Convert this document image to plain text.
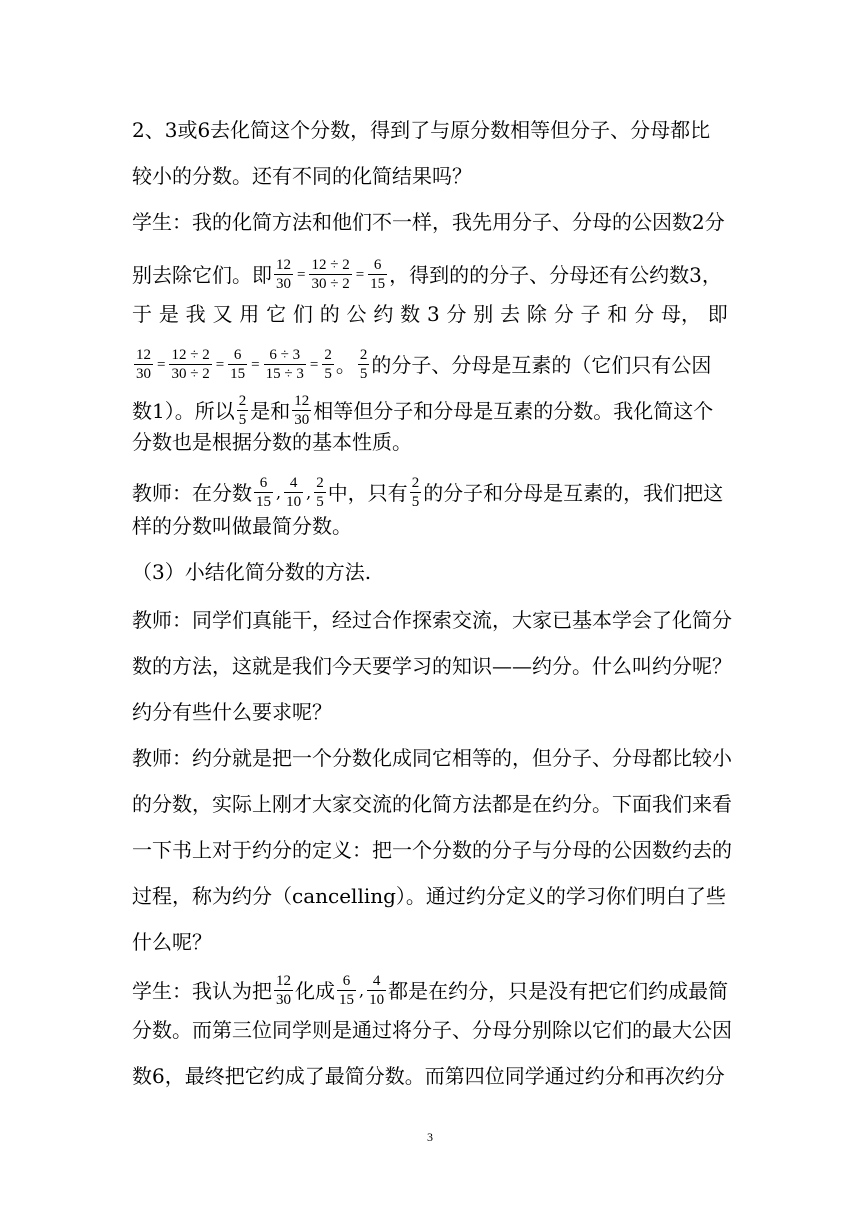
2、3或6去化简这个分数，得到了与原分数相等但分子、分母都比
较小的分数。还有不同的化简结果吗？
学生：我的化简方法和他们不一样，我先用分子、分母的公因数2分
别去除它们。即 $\frac{12}{30} = \frac{12 \div 2}{30 \div 2} = \frac{6}{15}$ ，得到的的分子、分母还有公约数3，
于 是 我 又 用 它 们 的 公 约 数 3 分 别 去 除 分 子 和 分 母， 即
$\frac{12}{30} = \frac{12 \div 2}{30 \div 2} = \frac{6}{15} = \frac{6 \div 3}{15 \div 3} = \frac{2}{5}$ 。 $\frac{2}{5}$ 的分子、分母是互素的（它们只有公因
数1）。所以 $\frac{2}{5}$ 是和 $\frac{12}{30}$ 相等但分子和分母是互素的分数。我化简这个
分数也是根据分数的基本性质。
教师：在分数 $\frac{6}{15}$ , $\frac{4}{10}$ , $\frac{2}{5}$ 中，只有 $\frac{2}{5}$ 的分子和分母是互素的，我们把这
样的分数叫做最简分数。
（3）小结化简分数的方法.
教师：同学们真能干，经过合作探索交流，大家已基本学会了化简分
数的方法，这就是我们今天要学习的知识——约分。什么叫约分呢？
约分有些什么要求呢？
教师：约分就是把一个分数化成同它相等的，但分子、分母都比较小
的分数，实际上刚才大家交流的化简方法都是在约分。下面我们来看
一下书上对于约分的定义：把一个分数的分子与分母的公因数约去的
过程，称为约分（cancelling）。通过约分定义的学习你们明白了些
什么呢？
学生：我认为把 $\frac{12}{30}$ 化成 $\frac{6}{15}$ , $\frac{4}{10}$ 都是在约分，只是没有把它们约成最简
分数。而第三位同学则是通过将分子、分母分别除以它们的最大公因
数6，最终把它约成了最简分数。而第四位同学通过约分和再次约分
3
